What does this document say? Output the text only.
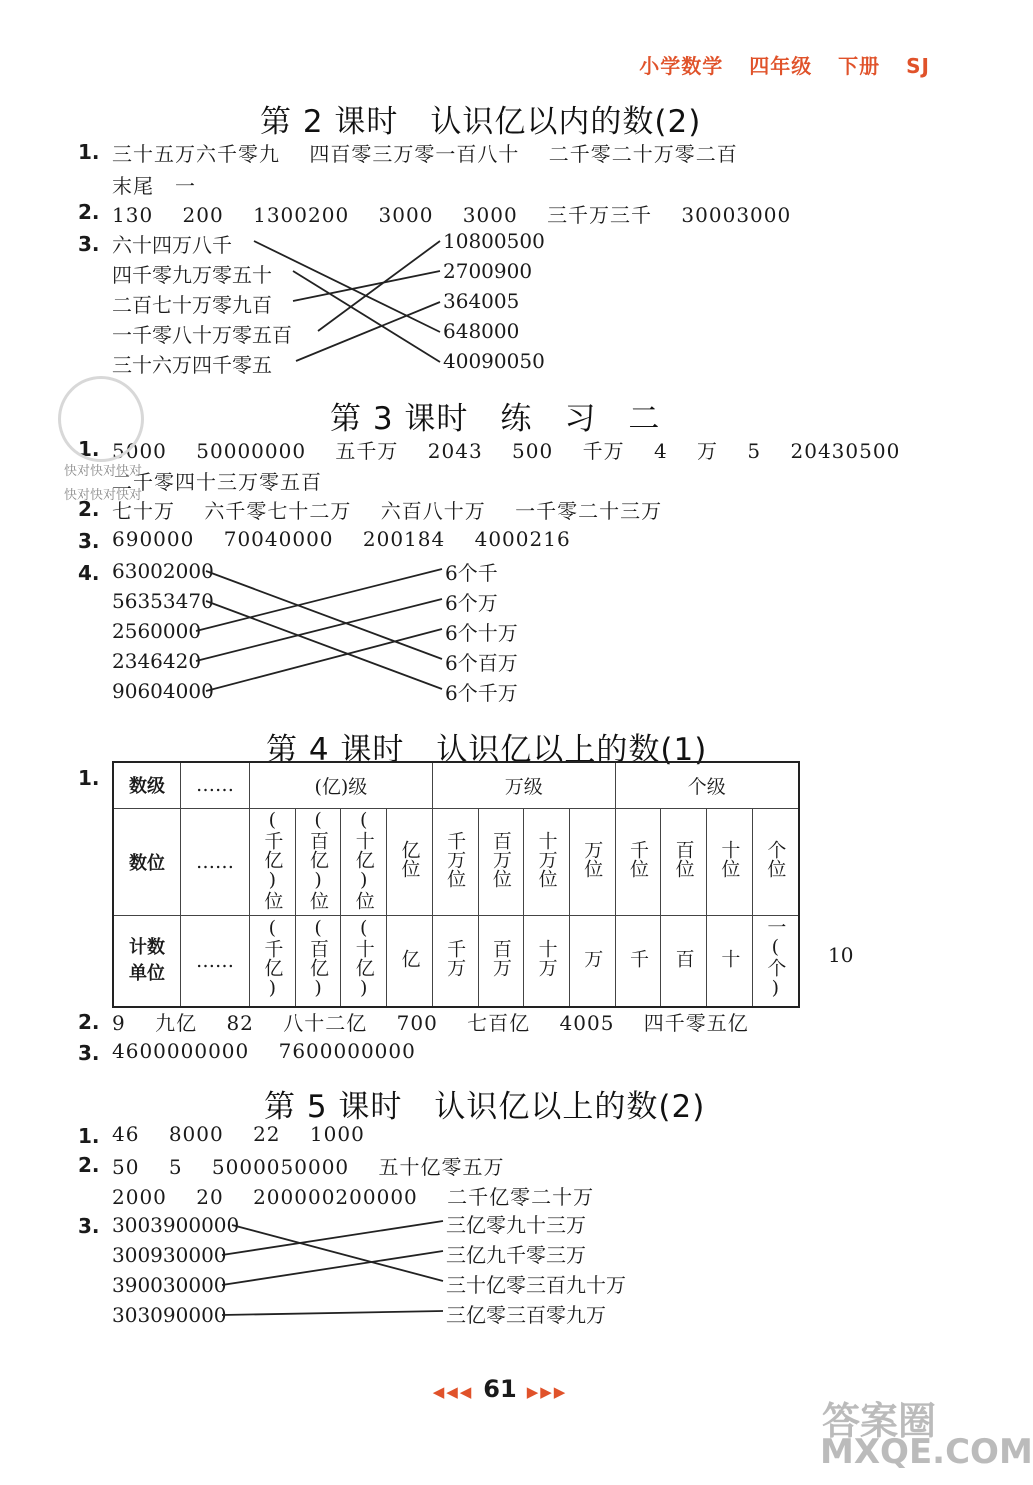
小学数学 四年级 下册 SJ
第 2 课时　认识亿以内的数(2)
1. 三十五万六千零九 四百零三万零一百八十 二千零二十万零二百
末尾　一
2. 130 200 1300200 3000 3000 三千万三千 30003000
3. 六十四万八千
四千零九万零五十
二百七十万零九百
一千零八十万零五百
三十六万四千零五
10800500
2700900
364005
648000
40090050
第 3 课时　练　习　二
1. 5000 50000000 五千万 2043 500 千万 4 万 5 20430500
二千零四十三万零五百
2. 七十万 六千零七十二万 六百八十万 一千零二十三万
3. 690000 70040000 200184 4000216
4. 63002000
56353470
2560000
2346420
90604000
6个千
6个万
6个十万
6个百万
6个千万
第 4 课时　认识亿以上的数(1)
1. 数级	……	(亿)级				万级				个级			
数位	……	(千亿)位	(百亿)位	(十亿)位	亿位	千万位	百万位	十万位	万位	千位	百位	十位	个位
计数单位	……	(千亿)	(百亿)	(十亿)	亿	千万	百万	十万	万	千	百	十	一(个) 10
2. 9 九亿 82 八十二亿 700 七百亿 4005 四千零五亿
3. 4600000000 7600000000
第 5 课时　认识亿以上的数(2)
1. 46 8000 22 1000
2. 50 5 5000050000 五十亿零五万
2000 20 200000200000 二千亿零二十万
3. 3003900000
300930000
390030000
303090000
三亿零九十三万
三亿九千零三万
三十亿零三百九十万
三亿零三百零九万
快对快对快对
快对快对快对
答案圈
MXQE.COM
◀◀◀ 61 ▶▶▶
